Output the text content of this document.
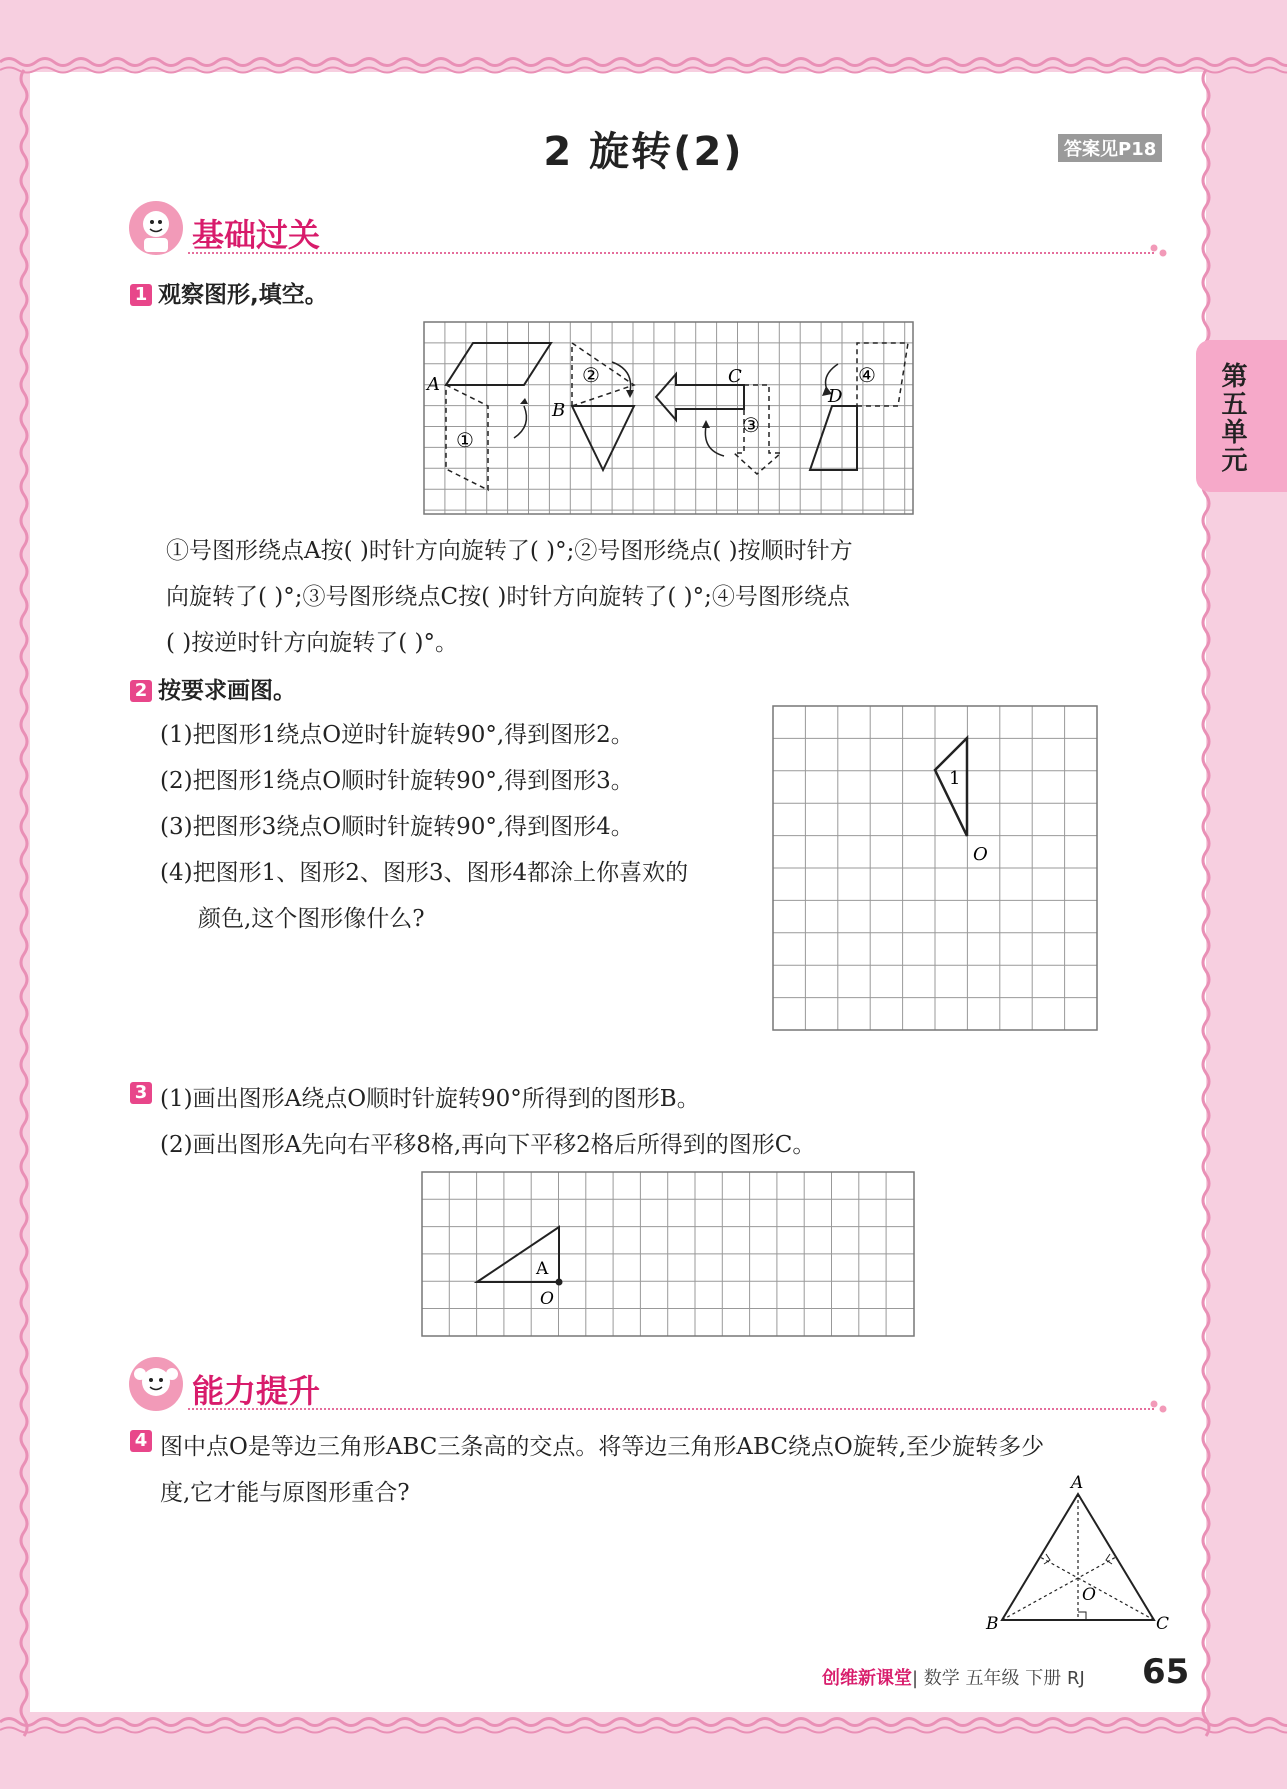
2 旋转(2)	答案见P18
第五单元
基础过关
1 观察图形,填空。
A
B
C
D
①
②
③
④
①号图形绕点A按( )时针方向旋转了( )°;②号图形绕点( )按顺时针方
向旋转了( )°;③号图形绕点C按( )时针方向旋转了( )°;④号图形绕点
( )按逆时针方向旋转了( )°。
2 按要求画图。
(1)把图形1绕点O逆时针旋转90°,得到图形2。
(2)把图形1绕点O顺时针旋转90°,得到图形3。
(3)把图形3绕点O顺时针旋转90°,得到图形4。
(4)把图形1、图形2、图形3、图形4都涂上你喜欢的
颜色,这个图形像什么?
1
O
3 (1)画出图形A绕点O顺时针旋转90°所得到的图形B。
(2)画出图形A先向右平移8格,再向下平移2格后所得到的图形C。
A
O
能力提升
4 图中点O是等边三角形ABC三条高的交点。将等边三角形ABC绕点O旋转,至少旋转多少
度,它才能与原图形重合?	A
B	C
O
创维新课堂| 数学 五年级 下册 RJ 65
